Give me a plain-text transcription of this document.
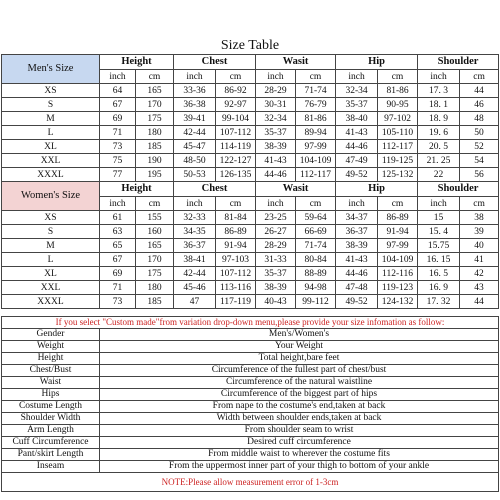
Size Table
Men's Size	Height		Chest		Wasit		Hip		Shoulder	
	inch	cm	inch	cm	inch	cm	inch	cm	inch	cm
XS	64	165	33-36	86-92	28-29	71-74	32-34	81-86	17. 3	44
S	67	170	36-38	92-97	30-31	76-79	35-37	90-95	18. 1	46
M	69	175	39-41	99-104	32-34	81-86	38-40	97-102	18. 9	48
L	71	180	42-44	107-112	35-37	89-94	41-43	105-110	19. 6	50
XL	73	185	45-47	114-119	38-39	97-99	44-46	112-117	20. 5	52
XXL	75	190	48-50	122-127	41-43	104-109	47-49	119-125	21. 25	54
XXXL	77	195	50-53	126-135	44-46	112-117	49-52	125-132	22	56
Women's Size	Height		Chest		Wasit		Hip		Shoulder	
	inch	cm	inch	cm	inch	cm	inch	cm	inch	cm
XS	61	155	32-33	81-84	23-25	59-64	34-37	86-89	15	38
S	63	160	34-35	86-89	26-27	66-69	36-37	91-94	15. 4	39
M	65	165	36-37	91-94	28-29	71-74	38-39	97-99	15.75	40
L	67	170	38-41	97-103	31-33	80-84	41-43	104-109	16. 15	41
XL	69	175	42-44	107-112	35-37	88-89	44-46	112-116	16. 5	42
XXL	71	180	45-46	113-116	38-39	94-98	47-48	119-123	16. 9	43
XXXL	73	185	47	117-119	40-43	99-112	49-52	124-132	17. 32	44
If you select "Custom made"from variation drop-down menu,please provide your size infomation as follow:	
Gender	Men's/Women's
Weight	Your Weight
Height	Total height,bare feet
Chest/Bust	Circumference of the fullest part of chest/bust
Waist	Circumference of the natural waistline
Hips	Circumference of the biggest part of hips
Costume Length	From nape to the costume's end,taken at back
Shoulder Width	Width between shoulder ends,taken at back
Arm Length	From shoulder seam to wrist
Cuff Circumference	Desired cuff circumference
Pant/skirt Length	From middle waist to wherever the costume fits
Inseam	From the uppermost inner part of your thigh to bottom of your ankle
NOTE:Please allow measurement error of 1-3cm	
